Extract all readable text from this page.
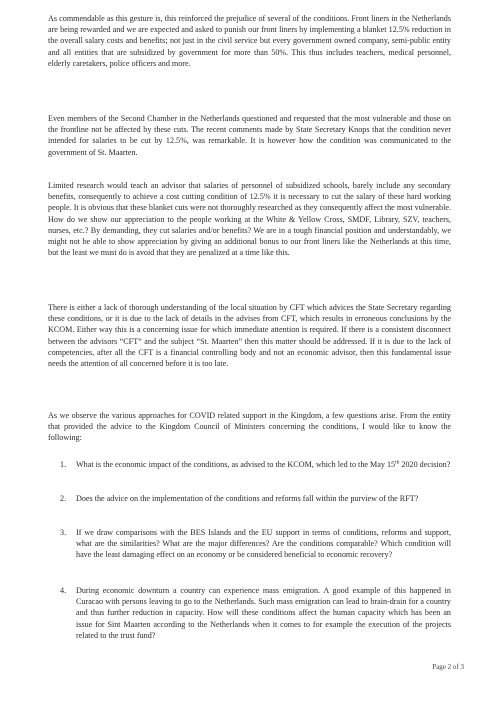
As commendable as this gesture is, this reinforced the prejudice of several of the conditions. Front liners in the Netherlands are being rewarded and we are expected and asked to punish our front liners by implementing a blanket 12.5% reduction in the overall salary costs and benefits; not just in the civil service but every government owned company, semi-public entity and all entities that are subsidized by government for more than 50%. This thus includes teachers, medical personnel, elderly caretakers, police officers and more.

Even members of the Second Chamber in the Netherlands questioned and requested that the most vulnerable and those on the frontline not be affected by these cuts. The recent comments made by State Secretary Knops that the condition never intended for salaries to be cut by 12.5%, was remarkable. It is however how the condition was communicated to the government of St. Maarten.

Limited research would teach an advisor that salaries of personnel of subsidized schools, barely include any secondary benefits, consequently to achieve a cost cutting condition of 12.5% it is necessary to cut the salary of these hard working people. It is obvious that these blanket cuts were not thoroughly researched as they consequently affect the most vulnerable. How do we show our appreciation to the people working at the White & Yellow Cross, SMDF, Library, SZV, teachers, nurses, etc.? By demanding, they cut salaries and/or benefits? We are in a tough financial position and understandably, we might not be able to show appreciation by giving an additional bonus to our front liners like the Netherlands at this time, but the least we must do is avoid that they are penalized at a time like this.

There is either a lack of thorough understanding of the local situation by CFT which advices the State Secretary regarding these conditions, or it is due to the lack of details in the advises from CFT, which results in erroneous conclusions by the KCOM. Either way this is a concerning issue for which immediate attention is required. If there is a consistent disconnect between the advisors “CFT” and the subject “St. Maarten” then this matter should be addressed. If it is due to the lack of competencies, after all the CFT is a financial controlling body and not an economic advisor, then this fundamental issue needs the attention of all concerned before it is too late.

As we observe the various approaches for COVID related support in the Kingdom, a few questions arise. From the entity that provided the advice to the Kingdom Council of Ministers concerning the conditions, I would like to know the following:

1.	What is the economic impact of the conditions, as advised to the KCOM, which led to the May 15th 2020 decision?
2.	Does the advice on the implementation of the conditions and reforms fall within the purview of the RFT?
3.	If we draw comparisons with the BES Islands and the EU support in terms of conditions, reforms and support, what are the similarities? What are the major differences? Are the conditions comparable? Which condition will have the least damaging effect on an economy or be considered beneficial to economic recovery?
4.	During economic downturn a country can experience mass emigration. A good example of this happened in Curacao with persons leaving to go to the Netherlands. Such mass emigration can lead to brain-drain for a country and thus further reduction in capacity. How will these conditions affect the human capacity which has been an issue for Sint Maarten according to the Netherlands when it comes to for example the execution of the projects related to the trust fund?
Page 2 of 3
